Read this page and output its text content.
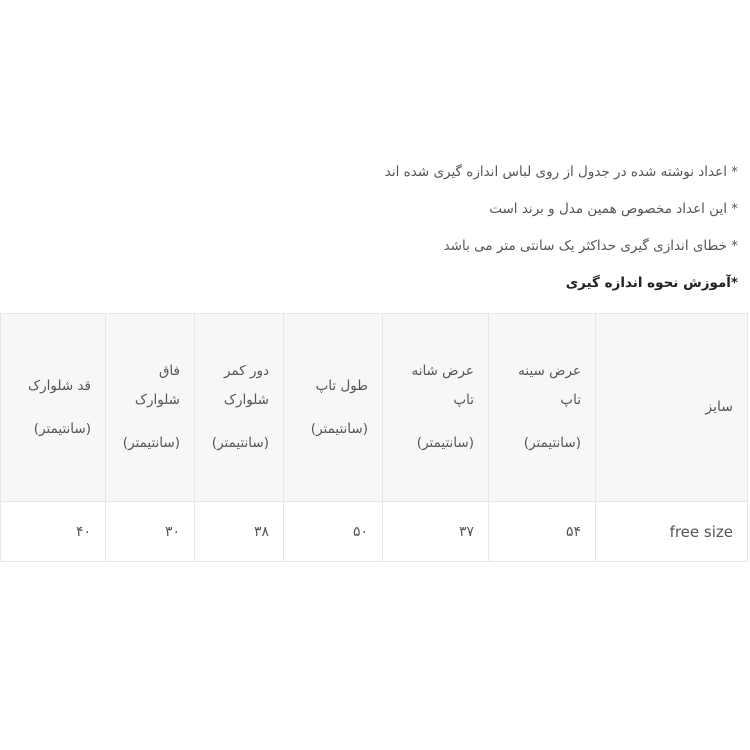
* اعداد نوشته شده در جدول از روی لباس اندازه گیری شده اند
* این اعداد مخصوص همین مدل و برند است
* خطای اندازی گیری حداکثر یک سانتی متر می باشد
*آموزش نحوه اندازه گیری
سایز	عرض سینه
تاپ
(سانتیمتر)	عرض شانه
تاپ
(سانتیمتر)	طول تاپ
(سانتیمتر)	دور کمر
شلوارک
(سانتیمتر)	فاق
شلوارک
(سانتیمتر)	قد شلوارک
(سانتیمتر)

free size	۵۴	۳۷	۵۰	۳۸	۳۰	۴۰
